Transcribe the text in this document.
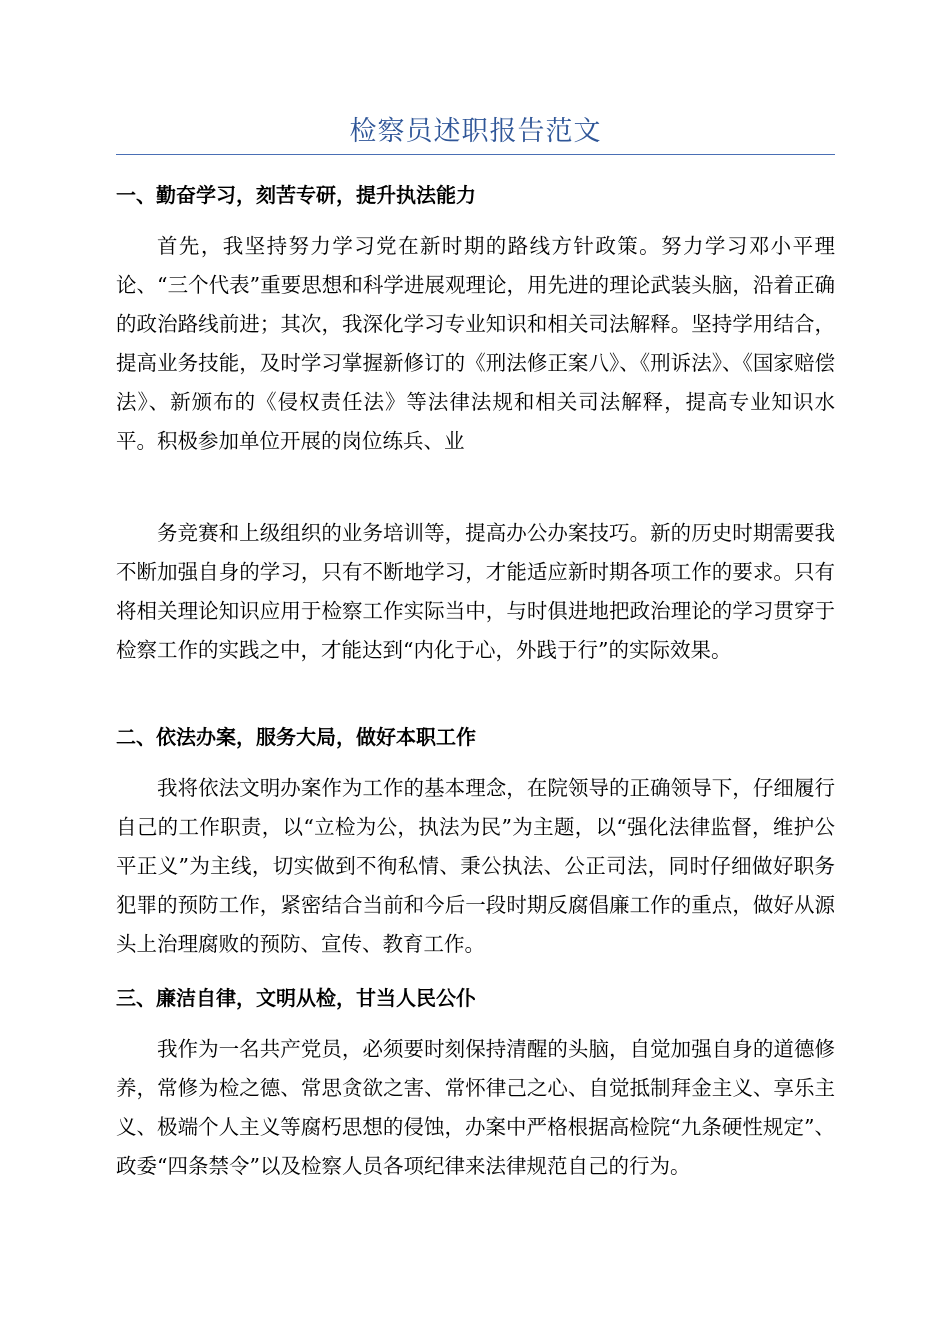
检察员述职报告范文
一、勤奋学习，刻苦专研，提升执法能力

首先，我坚持努力学习党在新时期的路线方针政策。努力学习邓小平理论、“三个代表”重要思想和科学进展观理论，用先进的理论武装头脑，沿着正确的政治路线前进；其次，我深化学习专业知识和相关司法解释。坚持学用结合，提高业务技能，及时学习掌握新修订的《刑法修正案八》、《刑诉法》、《国家赔偿法》、新颁布的《侵权责任法》等法律法规和相关司法解释，提高专业知识水平。积极参加单位开展的岗位练兵、业

务竞赛和上级组织的业务培训等，提高办公办案技巧。新的历史时期需要我不断加强自身的学习，只有不断地学习，才能适应新时期各项工作的要求。只有将相关理论知识应用于检察工作实际当中，与时俱进地把政治理论的学习贯穿于检察工作的实践之中，才能达到“内化于心，外践于行”的实际效果。

二、依法办案，服务大局，做好本职工作

我将依法文明办案作为工作的基本理念，在院领导的正确领导下，仔细履行自己的工作职责，以“立检为公，执法为民”为主题，以“强化法律监督，维护公平正义”为主线，切实做到不徇私情、秉公执法、公正司法，同时仔细做好职务犯罪的预防工作，紧密结合当前和今后一段时期反腐倡廉工作的重点，做好从源头上治理腐败的预防、宣传、教育工作。

三、廉洁自律，文明从检，甘当人民公仆

我作为一名共产党员，必须要时刻保持清醒的头脑，自觉加强自身的道德修养，常修为检之德、常思贪欲之害、常怀律己之心、自觉抵制拜金主义、享乐主义、极端个人主义等腐朽思想的侵蚀，办案中严格根据高检院“九条硬性规定”、政委“四条禁令”以及检察人员各项纪律来法律规范自己的行为。
